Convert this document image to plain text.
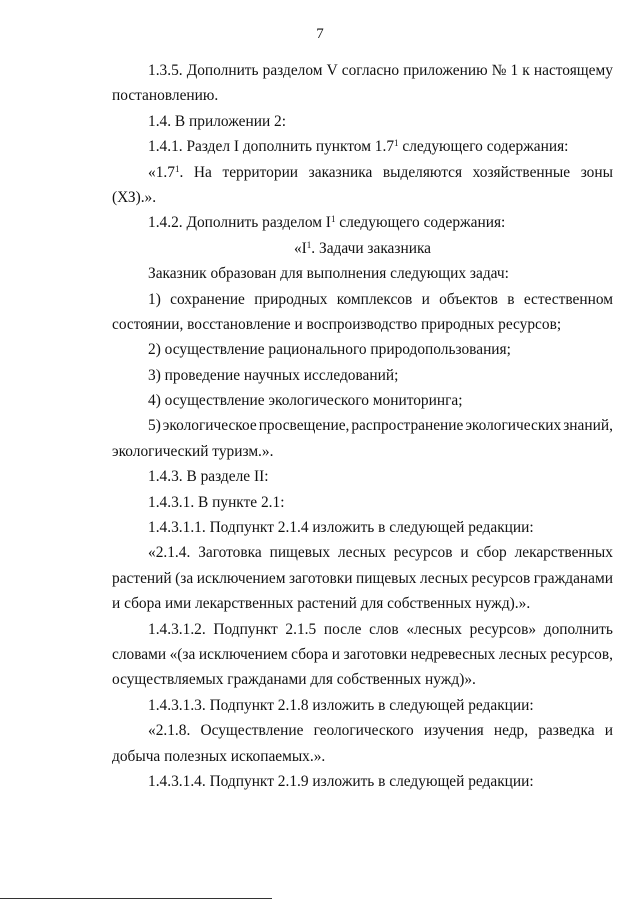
7
1.3.5. Дополнить разделом V согласно приложению № 1 к настоящему
постановлению.
1.4. В приложении 2:
1.4.1. Раздел I дополнить пунктом $1.7^1$ следующего содержания:
«$1.7^1$. На территории заказника выделяются хозяйственные зоны
(ХЗ).».
1.4.2. Дополнить разделом $I^1$ следующего содержания:
«$I^1$. Задачи заказника
Заказник образован для выполнения следующих задач:
1) сохранение природных комплексов и объектов в естественном
состоянии, восстановление и воспроизводство природных ресурсов;
2) осуществление рационального природопользования;
3) проведение научных исследований;
4) осуществление экологического мониторинга;
5) экологическое просвещение, распространение экологических знаний,
экологический туризм.».
1.4.3. В разделе II:
1.4.3.1. В пункте 2.1:
1.4.3.1.1. Подпункт 2.1.4 изложить в следующей редакции:
«2.1.4. Заготовка пищевых лесных ресурсов и сбор лекарственных
растений (за исключением заготовки пищевых лесных ресурсов гражданами
и сбора ими лекарственных растений для собственных нужд).».
1.4.3.1.2. Подпункт 2.1.5 после слов «лесных ресурсов» дополнить
словами «(за исключением сбора и заготовки недревесных лесных ресурсов,
осуществляемых гражданами для собственных нужд)».
1.4.3.1.3. Подпункт 2.1.8 изложить в следующей редакции:
«2.1.8. Осуществление геологического изучения недр, разведка и
добыча полезных ископаемых.».
1.4.3.1.4. Подпункт 2.1.9 изложить в следующей редакции:
